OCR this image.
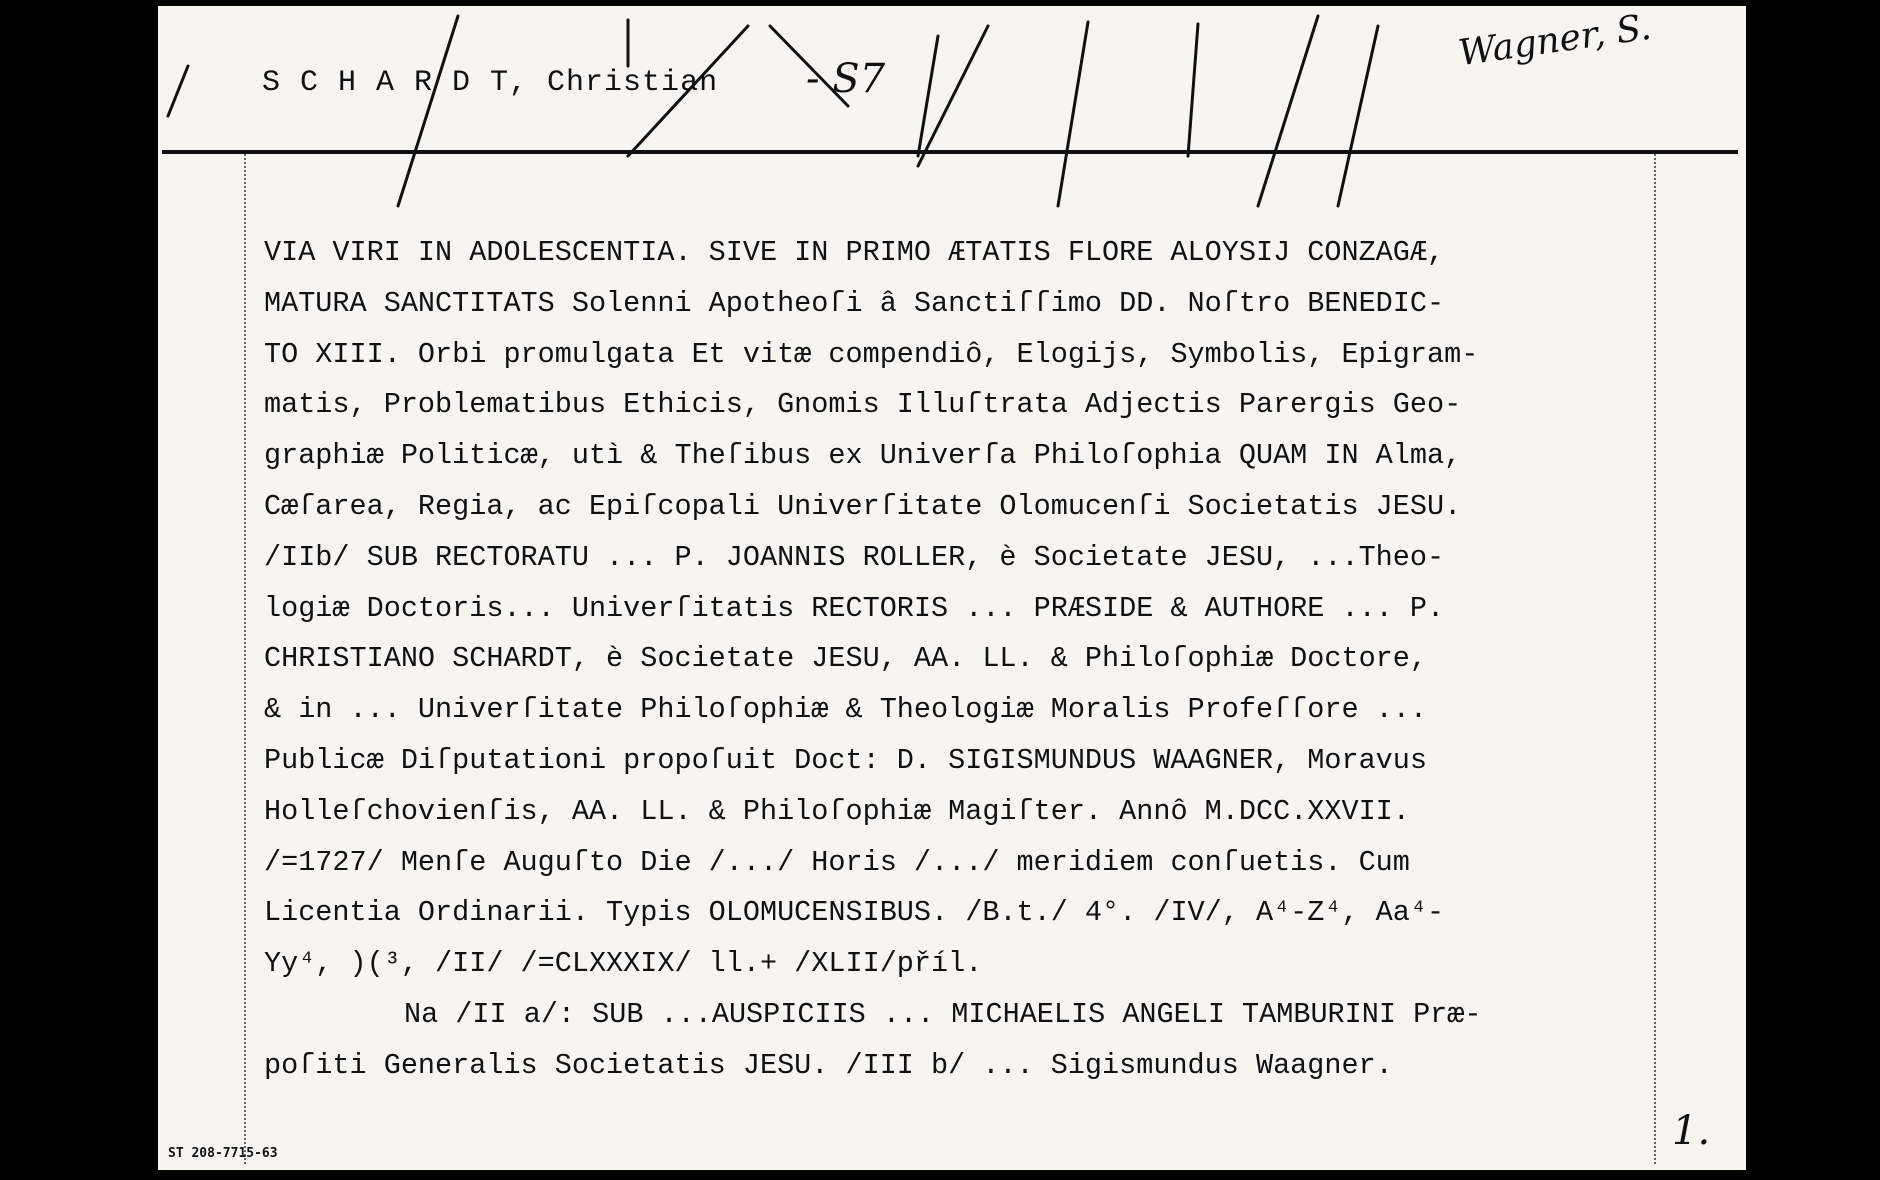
S C H A R D T, Christian - S7
Wagner, S.
VIA VIRI IN ADOLESCENTIA. SIVE IN PRIMO ÆTATIS FLORE ALOYSIJ CONZAGÆ,
MATURA SANCTITATS Solenni Apotheoſi â Sanctiſſimo DD. Noſtro BENEDIC-
TO XIII. Orbi promulgata Et vitæ compendiô, Elogijs, Symbolis, Epigram-
matis, Problematibus Ethicis, Gnomis Illuſtrata Adjectis Parergis Geo-
graphiæ Politicæ, utì & Theſibus ex Univerſa Philoſophia QUAM IN Alma,
Cæſarea, Regia, ac Epiſcopali Univerſitate Olomucenſi Societatis JESU.
/IIb/ SUB RECTORATU ... P. JOANNIS ROLLER, è Societate JESU, ...Theo-
logiæ Doctoris... Univerſitatis RECTORIS ... PRÆSIDE & AUTHORE ... P.
CHRISTIANO SCHARDT, è Societate JESU, AA. LL. & Philoſophiæ Doctore,
& in ... Univerſitate Philoſophiæ & Theologiæ Moralis Profeſſore ...
Publicæ Diſputationi propoſuit Doct: D. SIGISMUNDUS WAAGNER, Moravus
Holleſchovienſis, AA. LL. & Philoſophiæ Magiſter. Annô M.DCC.XXVII.
/=1727/ Menſe Auguſto Die /.../ Horis /.../ meridiem conſuetis. Cum
Licentia Ordinarii. Typis OLOMUCENSIBUS. /B.t./ 4°. /IV/, A⁴-Z⁴, Aa⁴-
Yy⁴, )(³, /II/ /=CLXXXIX/ ll.+ /XLII/příl.
Na /II a/: SUB ...AUSPICIIS ... MICHAELIS ANGELI TAMBURINI Præ-
poſiti Generalis Societatis JESU. /III b/ ... Sigismundus Waagner.
ST 208-7715-63	1.
